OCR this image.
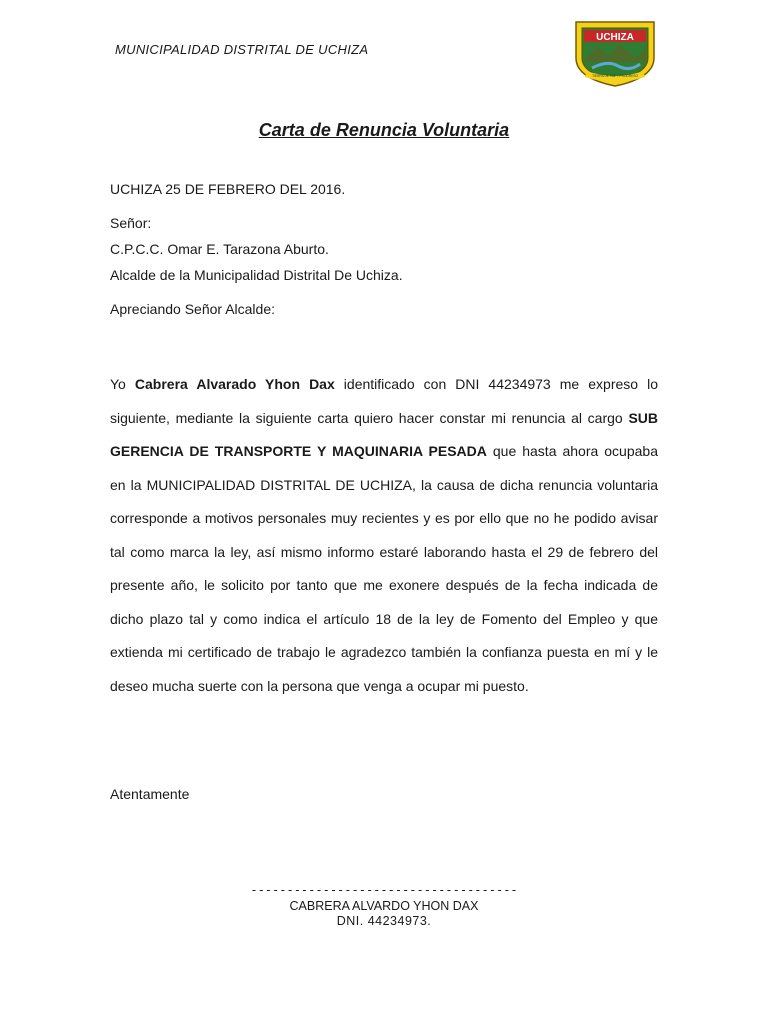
MUNICIPALIDAD DISTRITAL DE UCHIZA
UCHIZA
TIERRA DE PAZ Y PROGRESO
Carta de Renuncia Voluntaria
UCHIZA 25 DE FEBRERO DEL 2016.
Señor:
C.P.C.C. Omar E. Tarazona Aburto.
Alcalde de la Municipalidad Distrital De Uchiza.
Apreciando Señor Alcalde:
Yo Cabrera Alvarado Yhon Dax identificado con DNI 44234973 me expreso lo siguiente, mediante la siguiente carta quiero hacer constar mi renuncia al cargo SUB GERENCIA DE TRANSPORTE Y MAQUINARIA PESADA que hasta ahora ocupaba en la MUNICIPALIDAD DISTRITAL DE UCHIZA, la causa de dicha renuncia voluntaria corresponde a motivos personales muy recientes y es por ello que no he podido avisar tal como marca la ley, así mismo informo estaré laborando hasta el 29 de febrero del presente año, le solicito por tanto que me exonere después de la fecha indicada de dicho plazo tal y como indica el artículo 18 de la ley de Fomento del Empleo y que extienda mi certificado de trabajo le agradezco también la confianza puesta en mí y le deseo mucha suerte con la persona que venga a ocupar mi puesto.
Atentamente
-------------------------------------
CABRERA ALVARDO YHON DAX
DNI. 44234973.
